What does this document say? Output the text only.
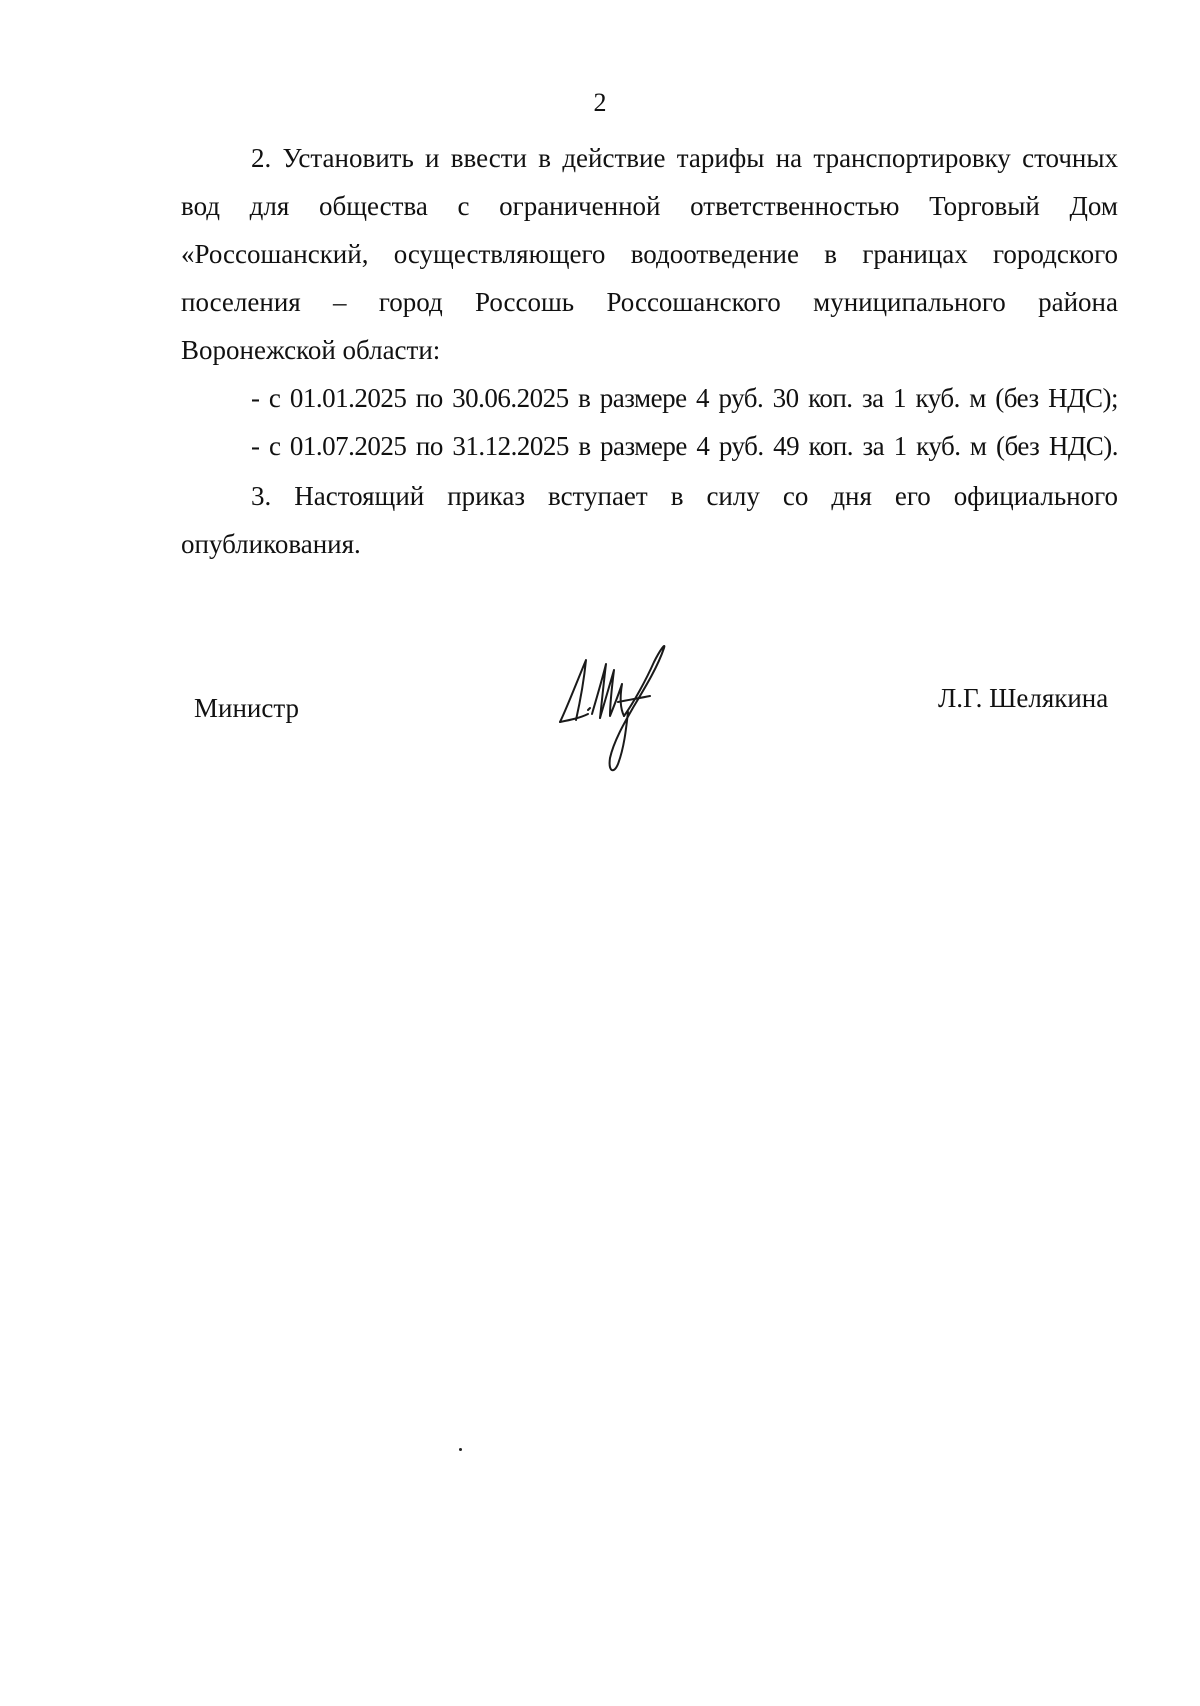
2
2. Установить и ввести в действие тарифы на транспортировку сточных
вод для общества с ограниченной ответственностью Торговый Дом
«Россошанский, осуществляющего водоотведение в границах городского
поселения – город Россошь Россошанского муниципального района
Воронежской области:
- с 01.01.2025 по 30.06.2025 в размере 4 руб. 30 коп. за 1 куб. м (без НДС);
- с 01.07.2025 по 31.12.2025 в размере 4 руб. 49 коп. за 1 куб. м (без НДС).
3. Настоящий приказ вступает в силу со дня его официального
опубликования.
Министр	Л.Г. Шелякина
